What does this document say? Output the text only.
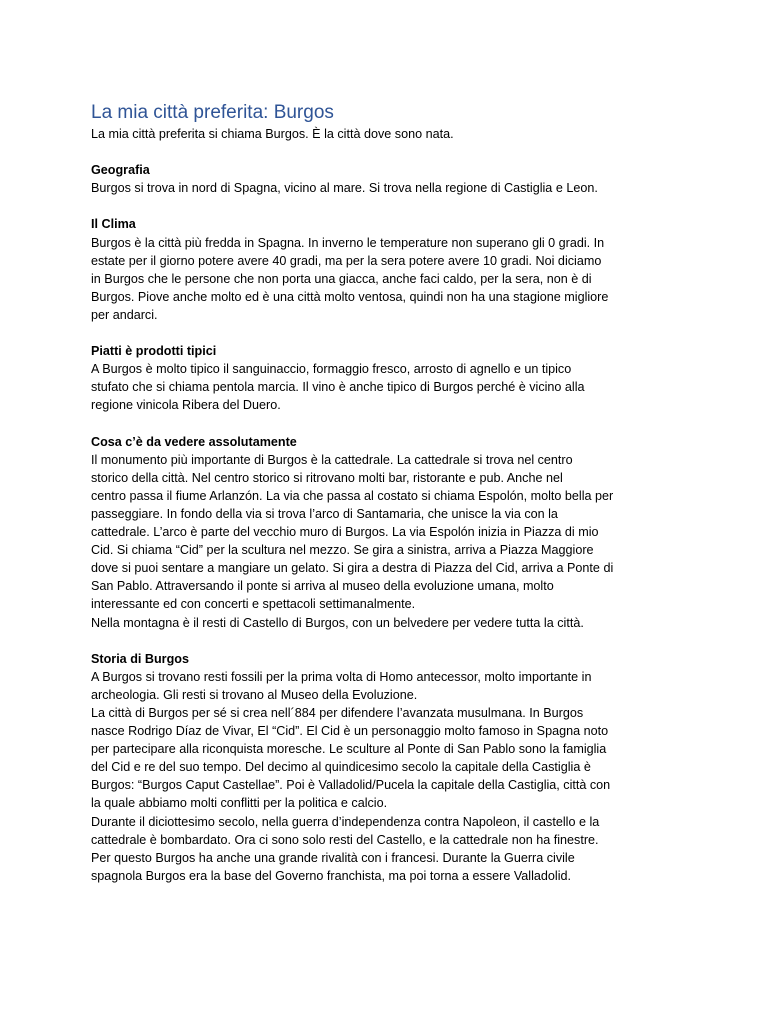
La mia città preferita: Burgos

La mia città preferita si chiama Burgos. È la città dove sono nata.

Geografia

Burgos si trova in nord di Spagna, vicino al mare. Si trova nella regione di Castiglia e Leon.

Il Clima

Burgos è la città più fredda in Spagna. In inverno le temperature non superano gli 0 gradi. In
estate per il giorno potere avere 40 gradi, ma per la sera potere avere 10 gradi. Noi diciamo
in Burgos che le persone che non porta una giacca, anche faci caldo, per la sera, non è di
Burgos. Piove anche molto ed è una città molto ventosa, quindi non ha una stagione migliore
per andarci.

Piatti è prodotti tipici

A Burgos è molto tipico il sanguinaccio, formaggio fresco, arrosto di agnello e un tipico
stufato che si chiama pentola marcia. Il vino è anche tipico di Burgos perché è vicino alla
regione vinicola Ribera del Duero.

Cosa c’è da vedere assolutamente

Il monumento più importante di Burgos è la cattedrale. La cattedrale si trova nel centro
storico della città. Nel centro storico si ritrovano molti bar, ristorante e pub. Anche nel
centro passa il fiume Arlanzón. La via che passa al costato si chiama Espolón, molto bella per
passeggiare. In fondo della via si trova l’arco di Santamaria, che unisce la via con la
cattedrale. L’arco è parte del vecchio muro di Burgos. La via Espolón inizia in Piazza di mio
Cid. Si chiama “Cid” per la scultura nel mezzo. Se gira a sinistra, arriva a Piazza Maggiore
dove si puoi sentare a mangiare un gelato. Si gira a destra di Piazza del Cid, arriva a Ponte di
San Pablo. Attraversando il ponte si arriva al museo della evoluzione umana, molto
interessante ed con concerti e spettacoli settimanalmente.
Nella montagna è il resti di Castello di Burgos, con un belvedere per vedere tutta la città.

Storia di Burgos

A Burgos si trovano resti fossili per la prima volta di Homo antecessor, molto importante in
archeologia. Gli resti si trovano al Museo della Evoluzione.
La città di Burgos per sé si crea nell´884 per difendere l’avanzata musulmana. In Burgos
nasce Rodrigo Díaz de Vivar, El “Cid”. El Cid è un personaggio molto famoso in Spagna noto
per partecipare alla riconquista moresche. Le sculture al Ponte di San Pablo sono la famiglia
del Cid e re del suo tempo. Del decimo al quindicesimo secolo la capitale della Castiglia è
Burgos: “Burgos Caput Castellae”. Poi è Valladolid/Pucela la capitale della Castiglia, città con
la quale abbiamo molti conflitti per la politica e calcio.
Durante il diciottesimo secolo, nella guerra d’independenza contra Napoleon, il castello e la
cattedrale è bombardato. Ora ci sono solo resti del Castello, e la cattedrale non ha finestre.
Per questo Burgos ha anche una grande rivalità con i francesi. Durante la Guerra civile
spagnola Burgos era la base del Governo franchista, ma poi torna a essere Valladolid.
